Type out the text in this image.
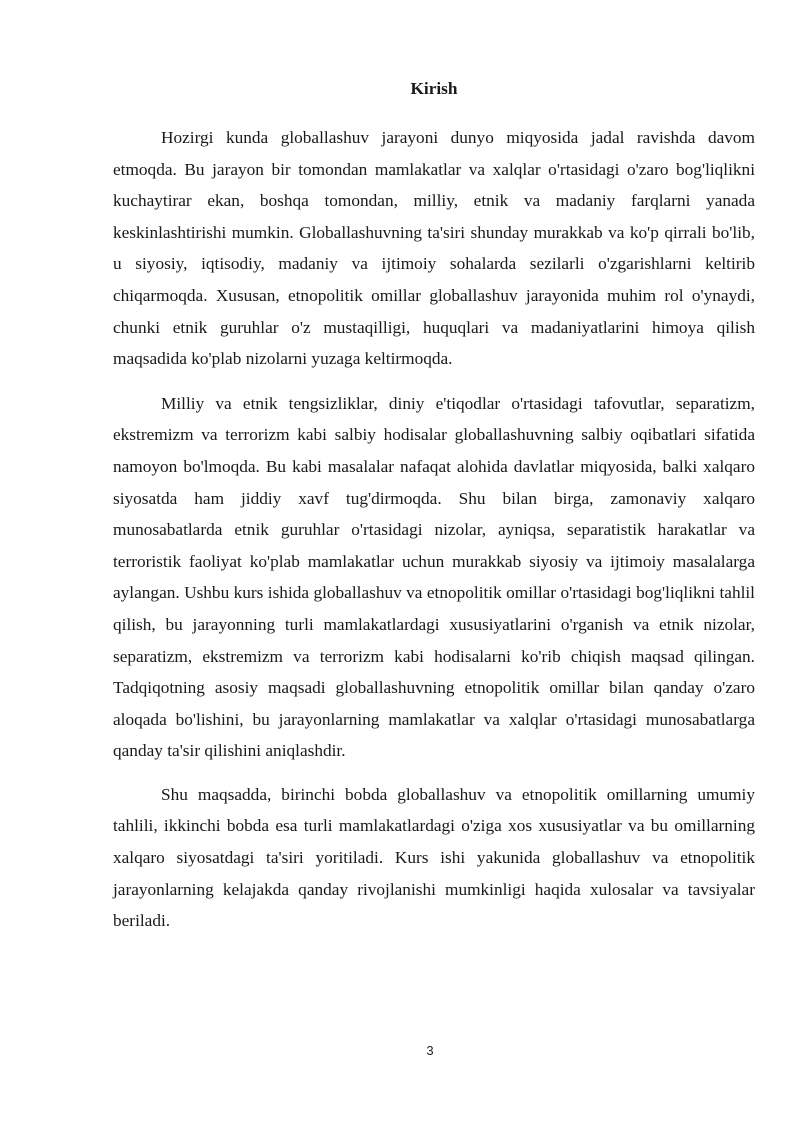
Kirish

Hozirgi kunda globallashuv jarayoni dunyo miqyosida jadal ravishda davom etmoqda. Bu jarayon bir tomondan mamlakatlar va xalqlar o'rtasidagi o'zaro bog'liqlikni kuchaytirar ekan, boshqa tomondan, milliy, etnik va madaniy farqlarni yanada keskinlashtirishi mumkin. Globallashuvning ta'siri shunday murakkab va ko'p qirrali bo'lib, u siyosiy, iqtisodiy, madaniy va ijtimoiy sohalarda sezilarli o'zgarishlarni keltirib chiqarmoqda. Xususan, etnopolitik omillar globallashuv jarayonida muhim rol o'ynaydi, chunki etnik guruhlar o'z mustaqilligi, huquqlari va madaniyatlarini himoya qilish maqsadida ko'plab nizolarni yuzaga keltirmoqda.

Milliy va etnik tengsizliklar, diniy e'tiqodlar o'rtasidagi tafovutlar, separatizm, ekstremizm va terrorizm kabi salbiy hodisalar globallashuvning salbiy oqibatlari sifatida namoyon bo'lmoqda. Bu kabi masalalar nafaqat alohida davlatlar miqyosida, balki xalqaro siyosatda ham jiddiy xavf tug'dirmoqda. Shu bilan birga, zamonaviy xalqaro munosabatlarda etnik guruhlar o'rtasidagi nizolar, ayniqsa, separatistik harakatlar va terroristik faoliyat ko'plab mamlakatlar uchun murakkab siyosiy va ijtimoiy masalalarga aylangan. Ushbu kurs ishida globallashuv va etnopolitik omillar o'rtasidagi bog'liqlikni tahlil qilish, bu jarayonning turli mamlakatlardagi xususiyatlarini o'rganish va etnik nizolar, separatizm, ekstremizm va terrorizm kabi hodisalarni ko'rib chiqish maqsad qilingan. Tadqiqotning asosiy maqsadi globallashuvning etnopolitik omillar bilan qanday o'zaro aloqada bo'lishini, bu jarayonlarning mamlakatlar va xalqlar o'rtasidagi munosabatlarga qanday ta'sir qilishini aniqlashdir.

Shu maqsadda, birinchi bobda globallashuv va etnopolitik omillarning umumiy tahlili, ikkinchi bobda esa turli mamlakatlardagi o'ziga xos xususiyatlar va bu omillarning xalqaro siyosatdagi ta'siri yoritiladi. Kurs ishi yakunida globallashuv va etnopolitik jarayonlarning kelajakda qanday rivojlanishi mumkinligi haqida xulosalar va tavsiyalar beriladi.

3
